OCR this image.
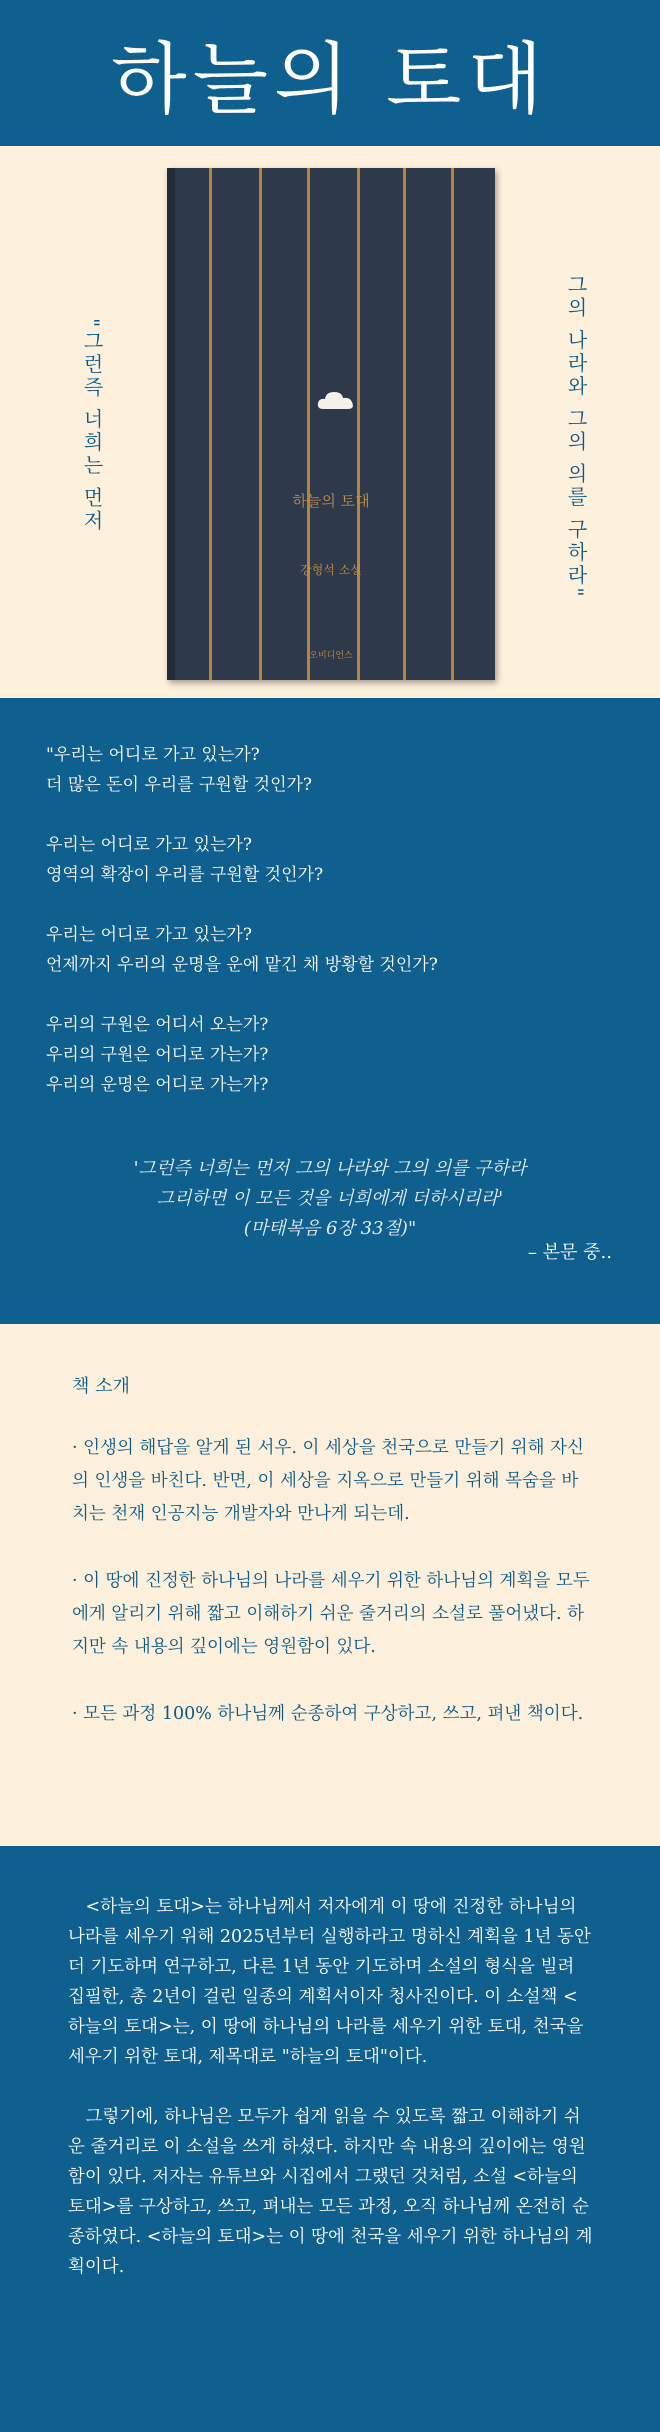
하늘의 토대
"그런즉 너희는 먼저	하늘의 토대
강형석 소설
오비디언스
그의 나라와 그의 의를 구하라"
"우리는 어디로 가고 있는가?
더 많은 돈이 우리를 구원할 것인가?
우리는 어디로 가고 있는가?
영역의 확장이 우리를 구원할 것인가?
우리는 어디로 가고 있는가?
언제까지 우리의 운명을 운에 맡긴 채 방황할 것인가?
우리의 구원은 어디서 오는가?
우리의 구원은 어디로 가는가?
우리의 운명은 어디로 가는가?
'그런즉 너희는 먼저 그의 나라와 그의 의를 구하라
그리하면 이 모든 것을 너희에게 더하시리라'
(마태복음 6장 33절)"
– 본문 중..
책 소개

· 인생의 해답을 알게 된 서우. 이 세상을 천국으로 만들기 위해 자신의 인생을 바친다. 반면, 이 세상을 지옥으로 만들기 위해 목숨을 바치는 천재 인공지능 개발자와 만나게 되는데.

· 이 땅에 진정한 하나님의 나라를 세우기 위한 하나님의 계획을 모두에게 알리기 위해 짧고 이해하기 쉬운 줄거리의 소설로 풀어냈다. 하지만 속 내용의 깊이에는 영원함이 있다.

· 모든 과정 100% 하나님께 순종하여 구상하고, 쓰고, 펴낸 책이다.

<하늘의 토대>는 하나님께서 저자에게 이 땅에 진정한 하나님의 나라를 세우기 위해 2025년부터 실행하라고 명하신 계획을 1년 동안 더 기도하며 연구하고, 다른 1년 동안 기도하며 소설의 형식을 빌려 집필한, 총 2년이 걸린 일종의 계획서이자 청사진이다. 이 소설책 <하늘의 토대>는, 이 땅에 하나님의 나라를 세우기 위한 토대, 천국을 세우기 위한 토대, 제목대로 "하늘의 토대"이다.

그렇기에, 하나님은 모두가 쉽게 읽을 수 있도록 짧고 이해하기 쉬운 줄거리로 이 소설을 쓰게 하셨다. 하지만 속 내용의 깊이에는 영원함이 있다. 저자는 유튜브와 시집에서 그랬던 것처럼, 소설 <하늘의 토대>를 구상하고, 쓰고, 펴내는 모든 과정, 오직 하나님께 온전히 순종하였다. <하늘의 토대>는 이 땅에 천국을 세우기 위한 하나님의 계획이다.
